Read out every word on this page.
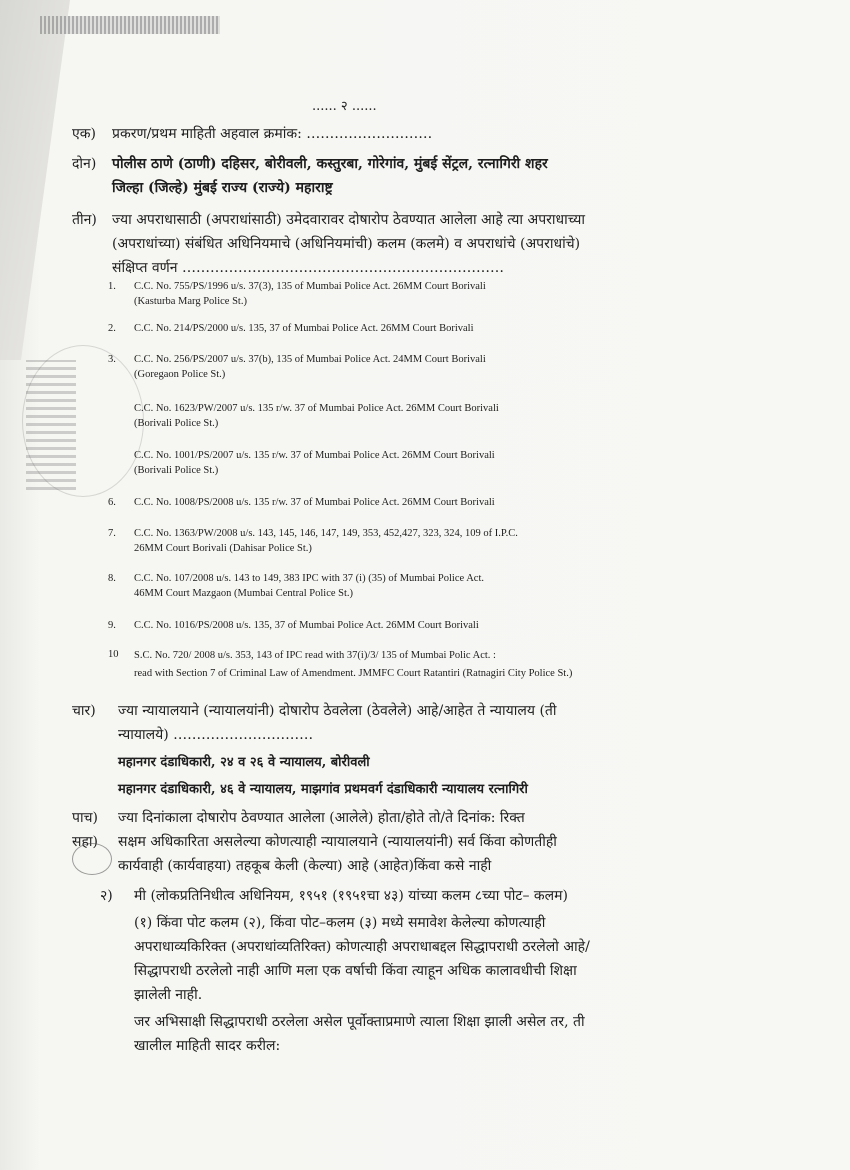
...... २ ......
एक) प्रकरण/प्रथम माहिती अहवाल क्रमांक: ………………………
दोन) पोलीस ठाणे (ठाणी) दहिसर, बोरीवली, कस्तुरबा, गोरेगांव, मुंबई सेंट्रल, रत्नागिरी शहर
जिल्हा (जिल्हे) मुंबई राज्य (राज्ये) महाराष्ट्र
तीन) ज्या अपराधासाठी (अपराधांसाठी) उमेदवारावर दोषारोप ठेवण्यात आलेला आहे त्या अपराधाच्या
(अपराधांच्या) संबंधित अधिनियमाचे (अधिनियमांची) कलम (कलमे) व अपराधांचे (अपराधांचे)
संक्षिप्त वर्णन ……………………………………………………………
1. C.C. No. 755/PS/1996 u/s. 37(3), 135 of Mumbai Police Act. 26MM Court Borivali
(Kasturba Marg Police St.)
2. C.C. No. 214/PS/2000 u/s. 135, 37 of Mumbai Police Act. 26MM Court Borivali
3. C.C. No. 256/PS/2007 u/s. 37(b), 135 of Mumbai Police Act. 24MM Court Borivali
(Goregaon Police St.)
C.C. No. 1623/PW/2007 u/s. 135 r/w. 37 of Mumbai Police Act. 26MM Court Borivali
(Borivali Police St.)
C.C. No. 1001/PS/2007 u/s. 135 r/w. 37 of Mumbai Police Act. 26MM Court Borivali
(Borivali Police St.)
6. C.C. No. 1008/PS/2008 u/s. 135 r/w. 37 of Mumbai Police Act. 26MM Court Borivali
7. C.C. No. 1363/PW/2008 u/s. 143, 145, 146, 147, 149, 353, 452,427, 323, 324, 109 of I.P.C.
26MM Court Borivali (Dahisar Police St.)
8. C.C. No. 107/2008 u/s. 143 to 149, 383 IPC with 37 (i) (35) of Mumbai Police Act.
46MM Court Mazgaon (Mumbai Central Police St.)
9. C.C. No. 1016/PS/2008 u/s. 135, 37 of Mumbai Police Act. 26MM Court Borivali
10 S.C. No. 720/ 2008 u/s. 353, 143 of IPC read with 37(i)/3/ 135 of Mumbai Polic Act. :
read with Section 7 of Criminal Law of Amendment. JMMFC Court Ratantiri (Ratnagiri City Police St.)
चार) ज्या न्यायालयाने (न्यायालयांनी) दोषारोप ठेवलेला (ठेवलेले) आहे/आहेत ते न्यायालय (ती
न्यायालये) …………………………
महानगर दंडाधिकारी, २४ व २६ वे न्यायालय, बोरीवली
महानगर दंडाधिकारी, ४६ वे न्यायालय, माझगांव प्रथमवर्ग दंडाधिकारी न्यायालय रत्नागिरी
पाच) ज्या दिनांकाला दोषारोप ठेवण्यात आलेला (आलेले) होता/होते तो/ते दिनांक: रिक्त
सहा) सक्षम अधिकारिता असलेल्या कोणत्याही न्यायालयाने (न्यायालयांनी) सर्व किंवा कोणतीही
कार्यवाही (कार्यवाहया) तहकूब केली (केल्या) आहे (आहेत)किंवा कसे नाही
२) मी (लोकप्रतिनिधीत्व अधिनियम, १९५१ (१९५१चा ४३) यांच्या कलम ८च्या पोट– कलम)
(१) किंवा पोट कलम (२), किंवा पोट–कलम (३) मध्ये समावेश केलेल्या कोणत्याही
अपराधाव्यकिरिक्त (अपराधांव्यतिरिक्त) कोणत्याही अपराधाबद्दल सिद्धापराधी ठरलेलो आहे/
सिद्धापराधी ठरलेलो नाही आणि मला एक वर्षाची किंवा त्याहून अधिक कालावधीची शिक्षा
झालेली नाही.
जर अभिसाक्षी सिद्धापराधी ठरलेला असेल पूर्वोक्ताप्रमाणे त्याला शिक्षा झाली असेल तर, ती
खालील माहिती सादर करील:
